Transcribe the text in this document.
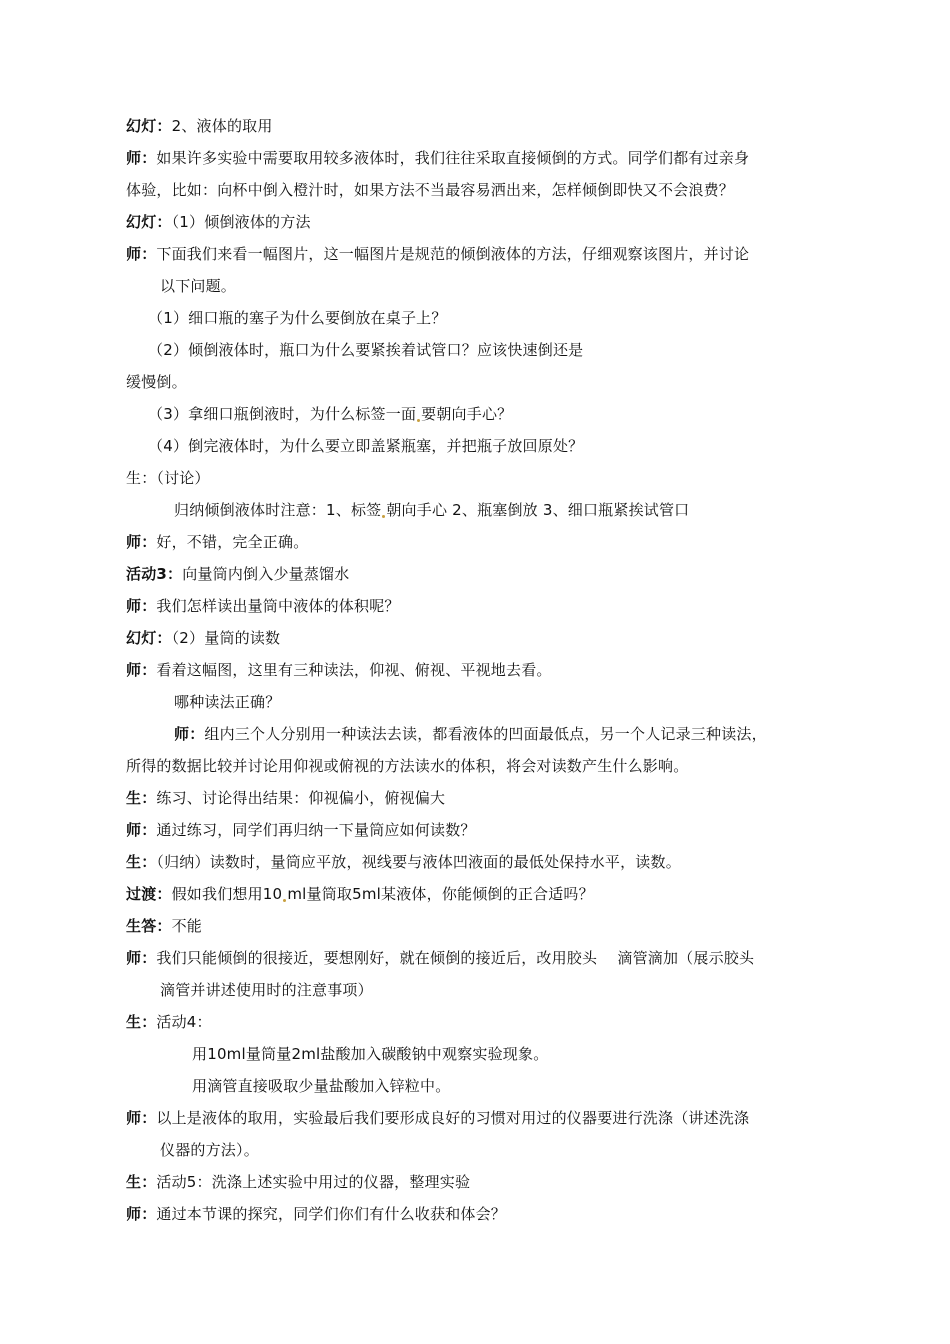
幻灯：2、液体的取用
师：如果许多实验中需要取用较多液体时，我们往往采取直接倾倒的方式。同学们都有过亲身
体验，比如：向杯中倒入橙汁时，如果方法不当最容易洒出来，怎样倾倒即快又不会浪费？
幻灯：（1）倾倒液体的方法
师：下面我们来看一幅图片，这一幅图片是规范的倾倒液体的方法，仔细观察该图片，并讨论
以下问题。
（1）细口瓶的塞子为什么要倒放在桌子上？
（2）倾倒液体时，瓶口为什么要紧挨着试管口？应该快速倒还是
缓慢倒。
（3）拿细口瓶倒液时，为什么标签一面 要朝向手心？
（4）倒完液体时，为什么要立即盖紧瓶塞，并把瓶子放回原处？
生：（讨论）
归纳倾倒液体时注意：1、标签 朝向手心 2、瓶塞倒放 3、细口瓶紧挨试管口
师：好，不错，完全正确。
活动3：向量筒内倒入少量蒸馏水
师：我们怎样读出量筒中液体的体积呢？
幻灯：（2）量筒的读数
师：看着这幅图，这里有三种读法，仰视、俯视、平视地去看。
哪种读法正确？
师：组内三个人分别用一种读法去读，都看液体的凹面最低点，另一个人记录三种读法，
所得的数据比较并讨论用仰视或俯视的方法读水的体积，将会对读数产生什么影响。
生：练习、讨论得出结果：仰视偏小，俯视偏大
师：通过练习，同学们再归纳一下量筒应如何读数？
生：（归纳）读数时，量筒应平放，视线要与液体凹液面的最低处保持水平，读数。
过渡：假如我们想用10 ml量筒取5ml某液体，你能倾倒的正合适吗？
生答：不能
师：我们只能倾倒的很接近，要想刚好，就在倾倒的接近后，改用胶头　 滴管滴加（展示胶头
滴管并讲述使用时的注意事项）
生：活动4：
用10ml量筒量2ml盐酸加入碳酸钠中观察实验现象。
用滴管直接吸取少量盐酸加入锌粒中。
师：以上是液体的取用，实验最后我们要形成良好的习惯对用过的仪器要进行洗涤（讲述洗涤
仪器的方法）。
生：活动5：洗涤上述实验中用过的仪器，整理实验
师：通过本节课的探究，同学们你们有什么收获和体会？
